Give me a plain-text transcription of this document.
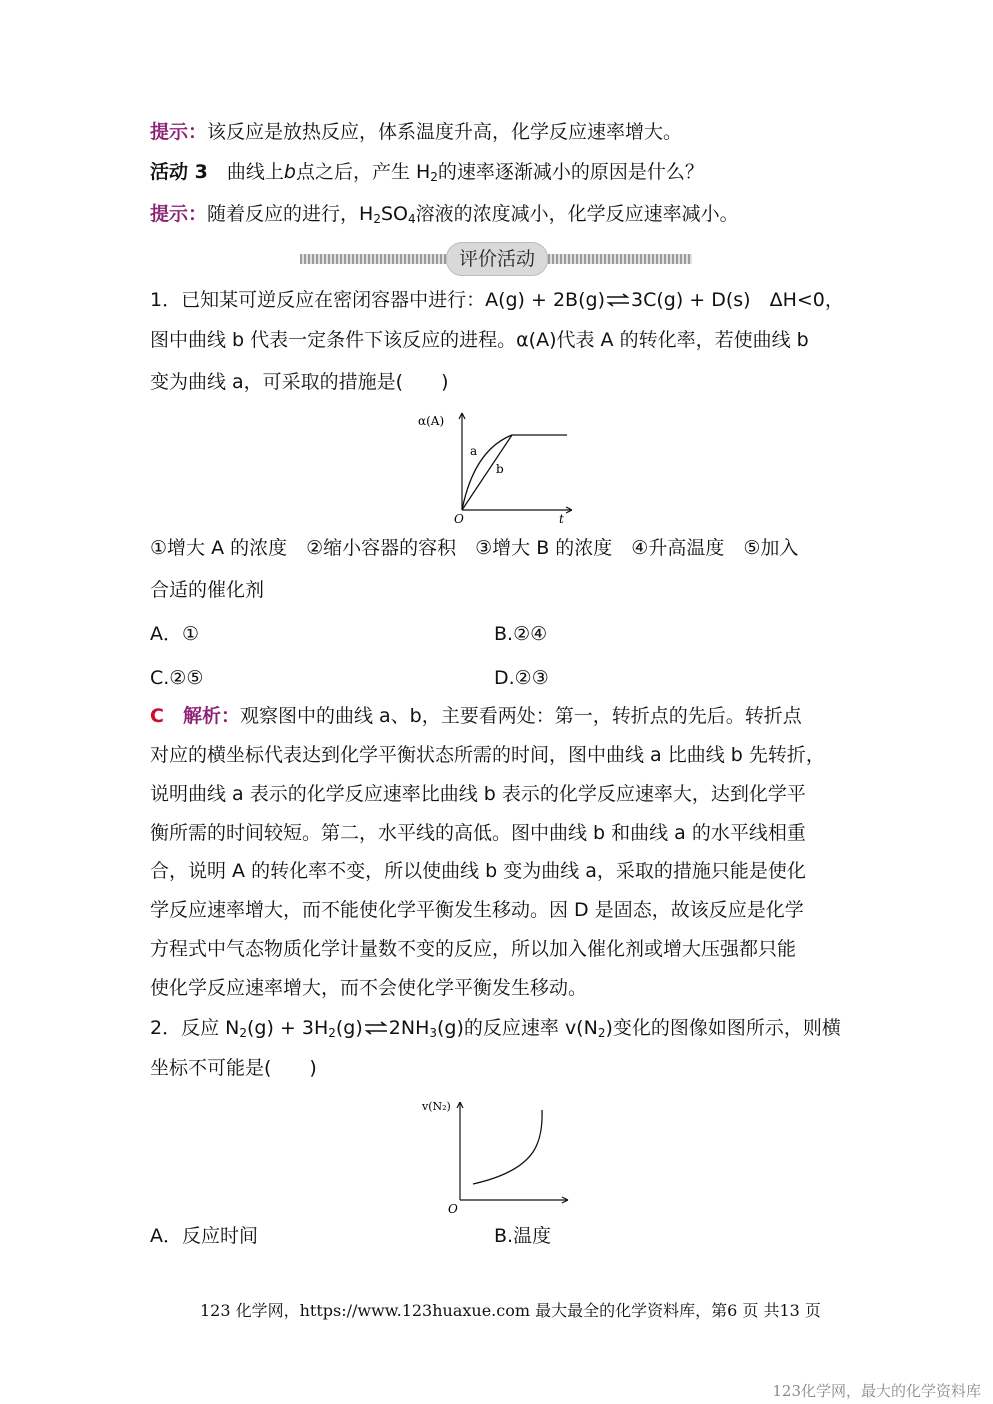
提示：该反应是放热反应，体系温度升高，化学反应速率增大。
活动 3　 曲线上b点之后，产生 $H_2$的速率逐渐减小的原因是什么？
提示：随着反应的进行，$H_2SO_4$溶液的浓度减小，化学反应速率减小。
评价活动
1．已知某可逆反应在密闭容器中进行：A(g) + 2B(g)⇌3C(g) + D(s)　ΔH<0，
图中曲线 b 代表一定条件下该反应的进程。α(A)代表 A 的转化率，若使曲线 b
变为曲线 a，可采取的措施是(　　)
α(A)
O	t
a
b
①增大 A 的浓度　②缩小容器的容积　③增大 B 的浓度　④升高温度　⑤加入
合适的催化剂
A．①	B.②④
C.②⑤	D.②③
C　 解析：观察图中的曲线 a、b，主要看两处：第一，转折点的先后。转折点
对应的横坐标代表达到化学平衡状态所需的时间，图中曲线 a 比曲线 b 先转折，
说明曲线 a 表示的化学反应速率比曲线 b 表示的化学反应速率大，达到化学平
衡所需的时间较短。第二，水平线的高低。图中曲线 b 和曲线 a 的水平线相重
合，说明 A 的转化率不变，所以使曲线 b 变为曲线 a，采取的措施只能是使化
学反应速率增大，而不能使化学平衡发生移动。因 D 是固态，故该反应是化学
方程式中气态物质化学计量数不变的反应，所以加入催化剂或增大压强都只能
使化学反应速率增大，而不会使化学平衡发生移动。
2．反应 $N_2(g)$ + $3H_2(g)\rightleftharpoons 2NH_3(g)$的反应速率 $v(N_2)$变化的图像如图所示，则横
坐标不可能是(　　)
v(N₂)
O
A．反应时间	B.温度
123 化学网，https://www.123huaxue.com 最大最全的化学资料库，第6 页 共13 页
123化学网，最大的化学资料库
